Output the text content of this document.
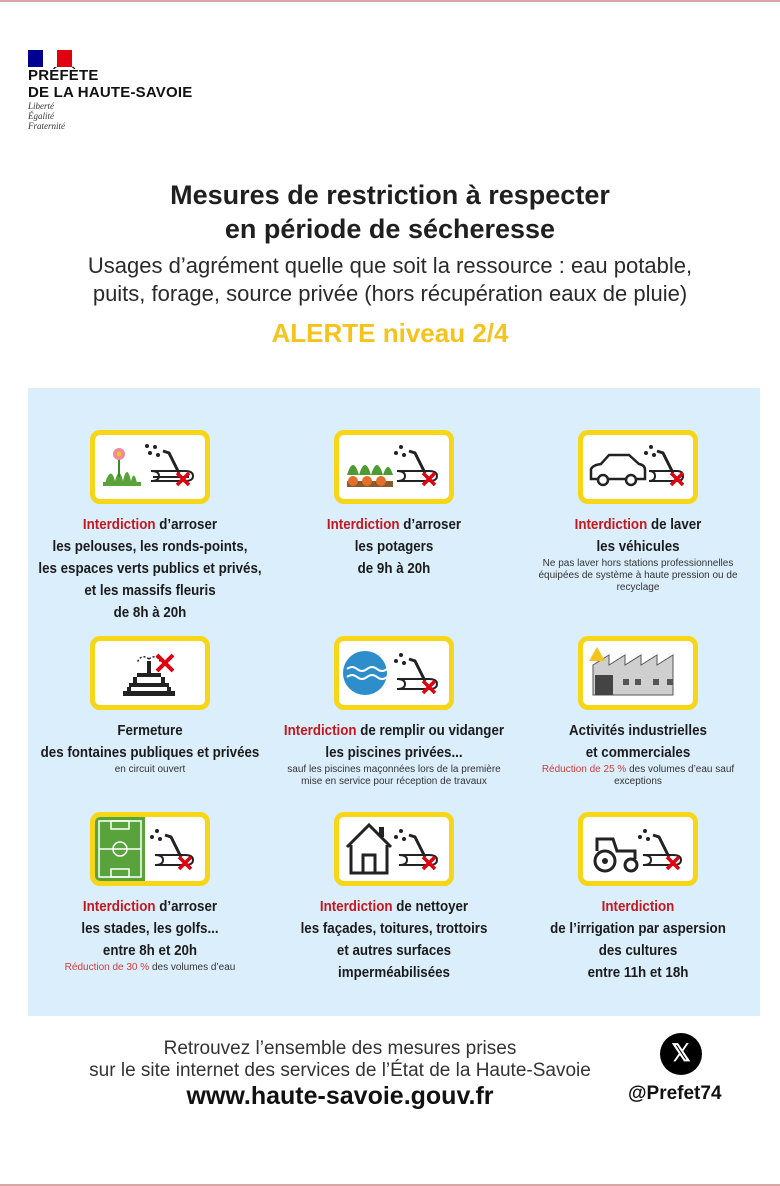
PRÉFÈTE
DE LA HAUTE-SAVOIE
Liberté
Égalité
Fraternité
Mesures de restriction à respecter
en période de sécheresse
Usages d’agrément quelle que soit la ressource : eau potable,
puits, forage, source privée (hors récupération eaux de pluie)
ALERTE niveau 2/4
Interdiction d’arroser
les pelouses, les ronds-points,
les espaces verts publics et privés,
et les massifs fleuris
de 8h à 20h
Interdiction d’arroser
les potagers
de 9h à 20h
Interdiction de laver
les véhicules
Ne pas laver hors stations professionnelles équipées de système à haute pression ou de recyclage
Fermeture
des fontaines publiques et privées
en circuit ouvert
Interdiction de remplir ou vidanger
les piscines privées...
sauf les piscines maçonnées lors de la première mise en service pour réception de travaux
Activités industrielles
et commerciales
Réduction de 25 % des volumes d’eau sauf exceptions
Interdiction d’arroser
les stades, les golfs...
entre 8h et 20h
Réduction de 30 % des volumes d’eau
Interdiction de nettoyer
les façades, toitures, trottoirs
et autres surfaces imperméabilisées
Interdiction
de l’irrigation par aspersion
des cultures
entre 11h et 18h
Retrouvez l’ensemble des mesures prises
sur le site internet des services de l’État de la Haute-Savoie
www.haute-savoie.gouv.fr
𝕏
@Prefet74
